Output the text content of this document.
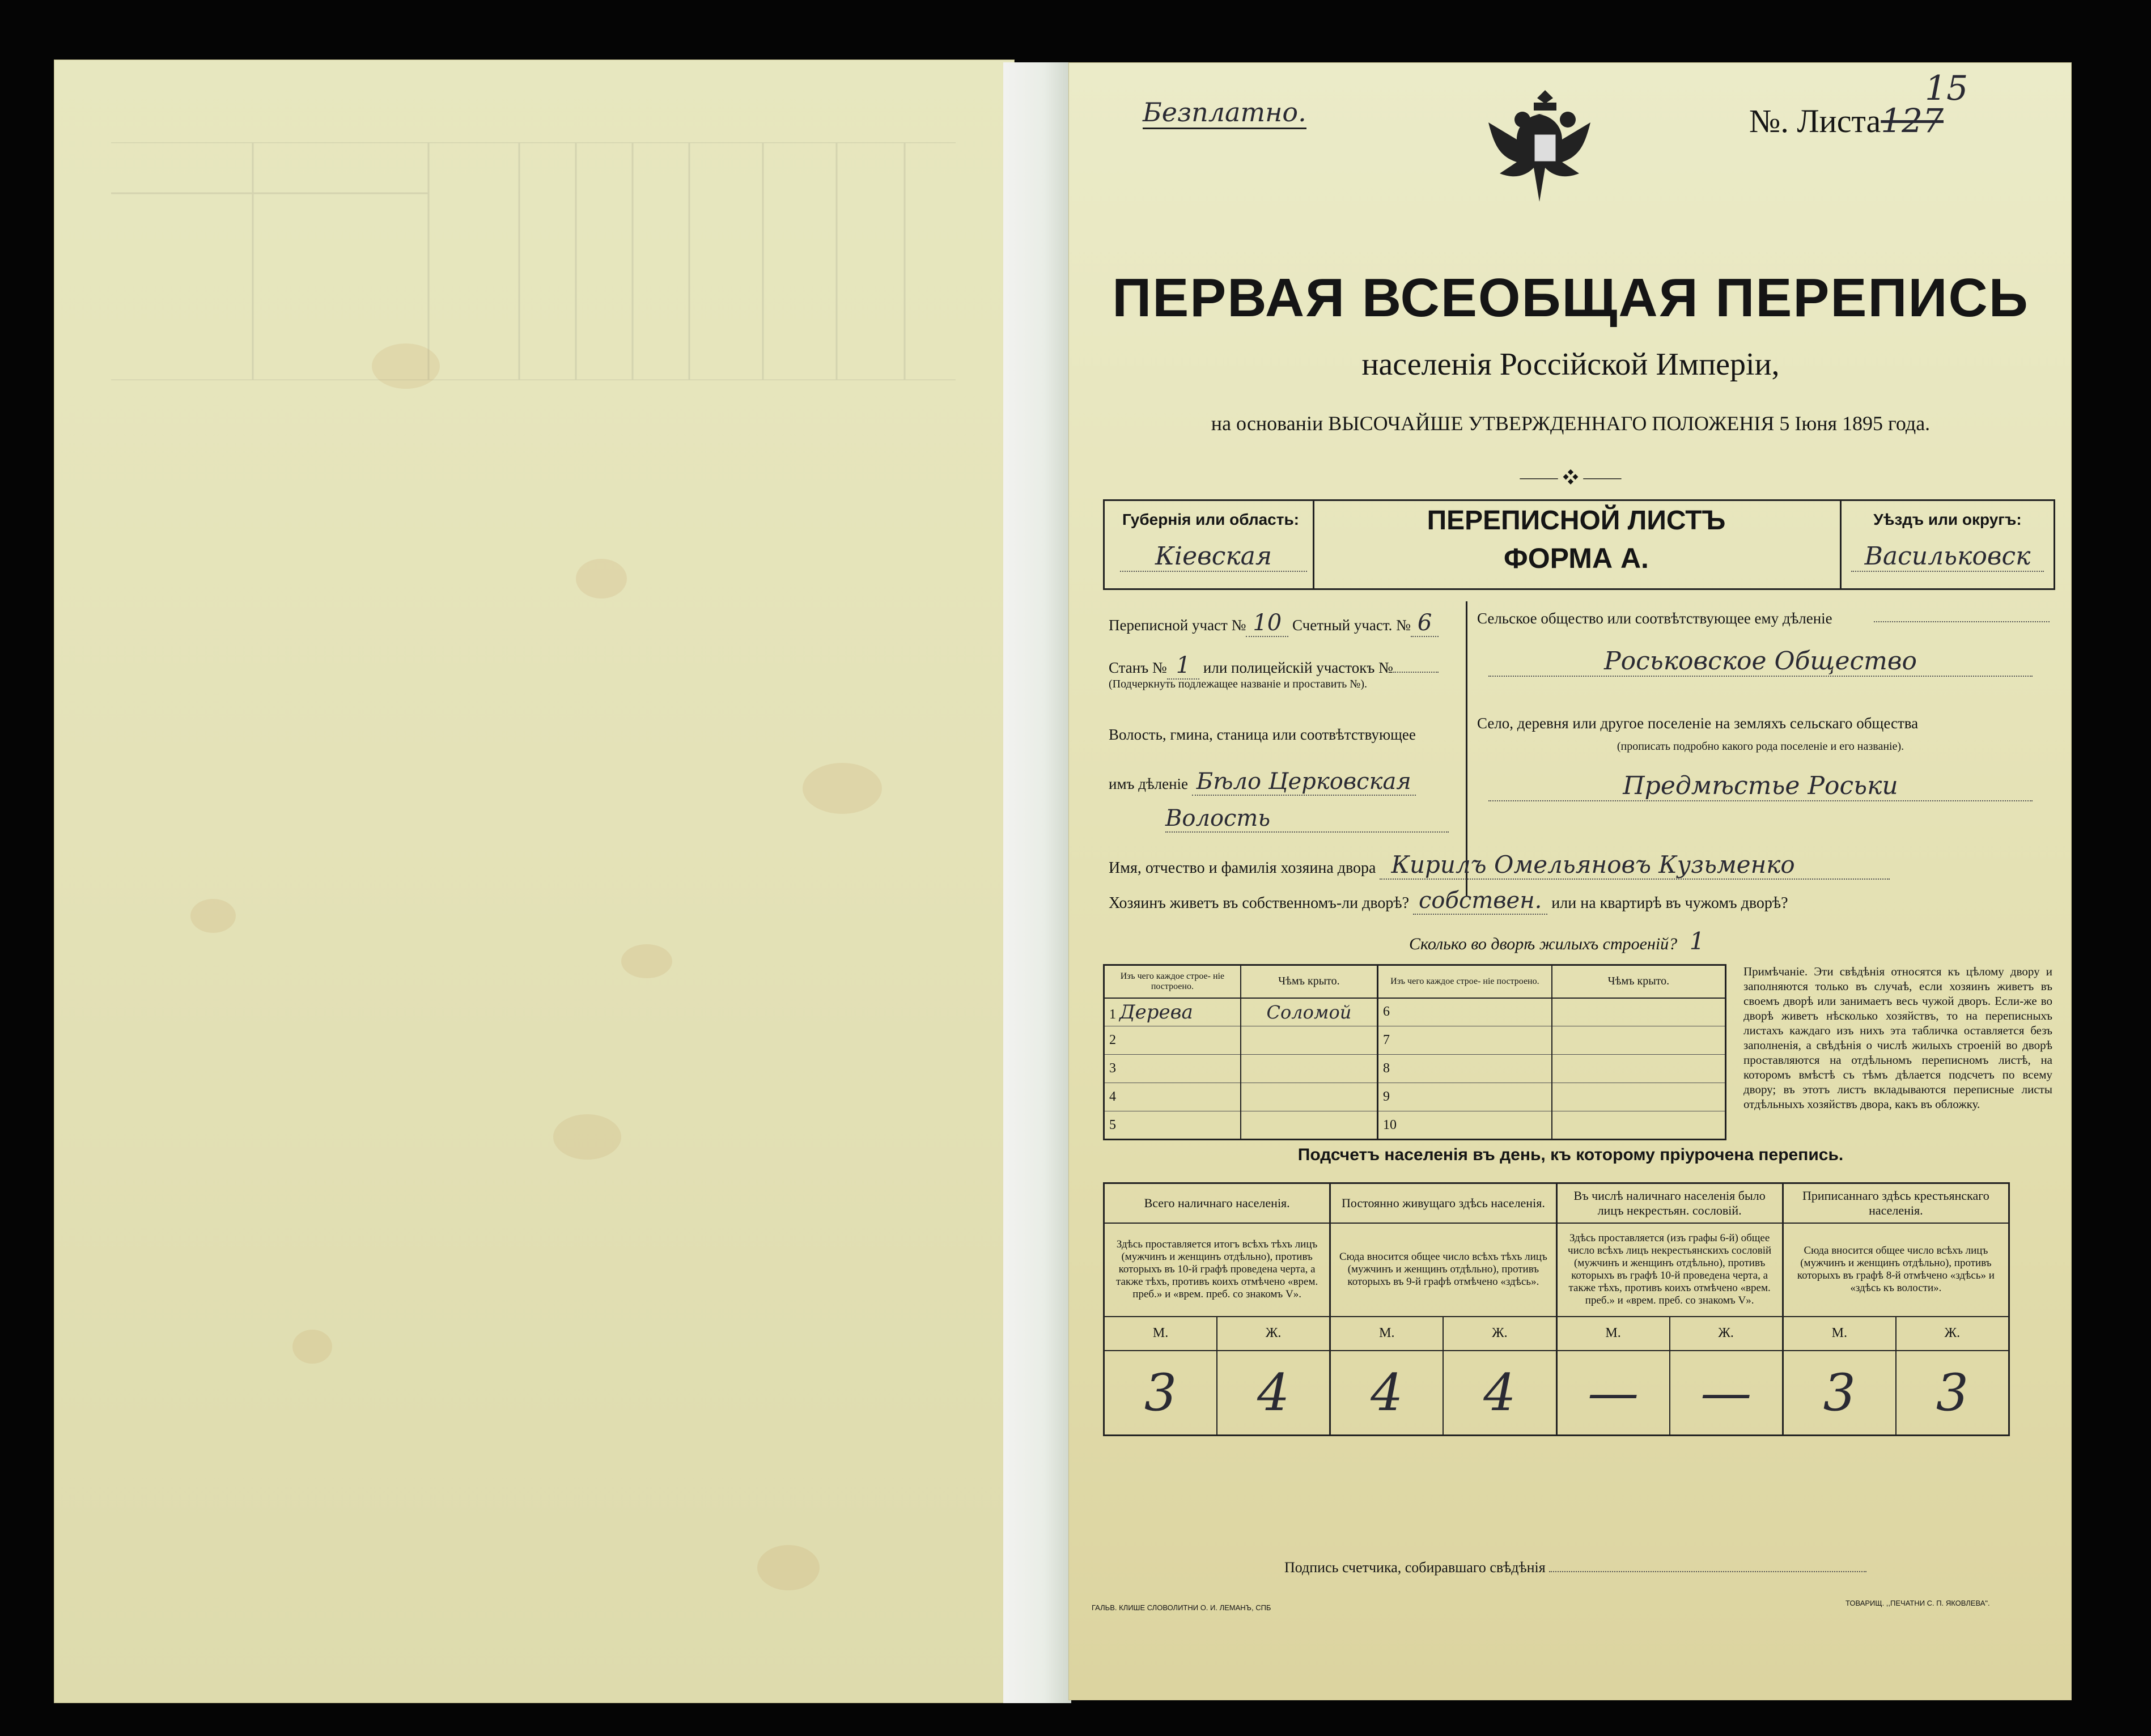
Безплатно.	№. Листа127
15
ПЕРВАЯ ВСЕОБЩАЯ ПЕРЕПИСЬ
населенія Россійской Имперіи,
на основаніи ВЫСОЧАЙШЕ УТВЕРЖДЕННАГО ПОЛОЖЕНІЯ 5 Іюня 1895 года.
⸻ ❖ ⸻
Губернія или область:
Кіевская
ПЕРЕПИСНОЙ ЛИСТЪ
ФОРМА А.
Уѣздъ или округъ:
Васильковск
Переписной участ № 10 Счетный участ. № 6
Станъ № 1 или полицейскій участокъ №
(Подчеркнуть подлежащее названіе и проставить №).
Волость, гмина, станица или соотвѣтствующее
имъ дѣленіе Бѣло Церковская
Волость
Сельское общество или соотвѣтствующее ему дѣленіе
Роськовское Общество
Село, деревня или другое поселеніе на земляхъ сельскаго общества
(прописать подробно какого рода поселеніе и его названіе).
Предмѣстье Роськи
Имя, отчество и фамилія хозяина двора Кирилъ Омельяновъ Кузьменко
Хозяинъ живетъ въ собственномъ-ли дворѣ? собствен. или на квартирѣ въ чужомъ дворѣ?
Сколько во дворѣ жилыхъ строеній? 1
Изъ чего каждое строе- ніе построено.	Чѣмъ крыто.	Изъ чего каждое строе- ніе построено.	Чѣмъ крыто.
1 Дерева	Соломой	6	
2		7	
3		8	
4		9	
5		10	
Примѣчаніе. Эти свѣдѣнія относятся къ цѣлому двору и заполняются только въ случаѣ, если хозяинъ живетъ въ своемъ дворѣ или занимаетъ весь чужой дворъ. Если-же во дворѣ живетъ нѣсколько хозяйствъ, то на переписныхъ листахъ каждаго изъ нихъ эта табличка оставляется безъ заполненія, а свѣдѣнія о числѣ жилыхъ строеній во дворѣ проставляются на отдѣльномъ переписномъ листѣ, на которомъ вмѣстѣ съ тѣмъ дѣлается подсчетъ по всему двору; въ этотъ листъ вкладываются переписные листы отдѣльныхъ хозяйствъ двора, какъ въ обложку.
Подсчетъ населенія въ день, къ которому пріурочена перепись.
Всего наличнаго населенія.		Постоянно живущаго здѣсь населенія.		Въ числѣ наличнаго населенія было лицъ некрестьян. сословій.		Приписаннаго здѣсь крестьянскаго населенія.	
Здѣсь проставляется итогъ всѣхъ тѣхъ лицъ (мужчинъ и женщинъ отдѣльно), противъ которыхъ въ 10-й графѣ проведена черта, а также тѣхъ, противъ коихъ отмѣчено «врем. преб.» и «врем. преб. со знакомъ V».		Сюда вносится общее число всѣхъ тѣхъ лицъ (мужчинъ и женщинъ отдѣльно), противъ которыхъ въ 9-й графѣ отмѣчено «здѣсь».		Здѣсь проставляется (изъ графы 6-й) общее число всѣхъ лицъ некрестьянскихъ сословій (мужчинъ и женщинъ отдѣльно), противъ которыхъ въ графѣ 10-й проведена черта, а также тѣхъ, противъ коихъ отмѣчено «врем. преб.» и «врем. преб. со знакомъ V».		Сюда вносится общее число всѣхъ лицъ (мужчинъ и женщинъ отдѣльно), противъ которыхъ въ графѣ 8-й отмѣчено «здѣсь» и «здѣсь къ волости».	
М.	Ж.	М.	Ж.	М.	Ж.	М.	Ж.
3	4	4	4	—	—	3	3
Подпись счетчика, собиравшаго свѣдѣнія
ГАЛЬВ. КЛИШЕ СЛОВОЛИТНИ О. И. ЛЕМАНЪ, СПБ
ТОВАРИЩ. ,,ПЕЧАТНИ С. П. ЯКОВЛЕВА".
